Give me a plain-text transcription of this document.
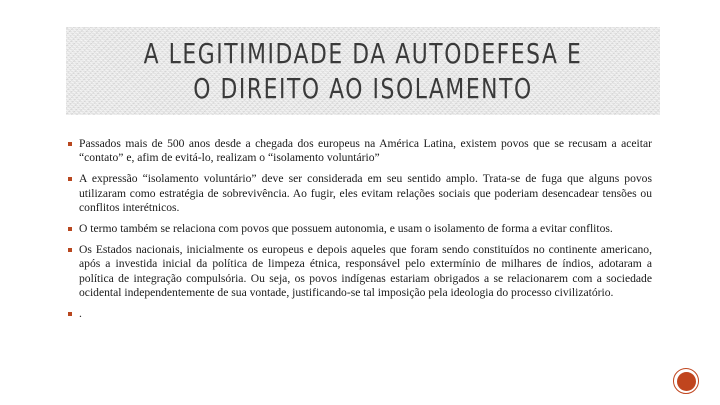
A LEGITIMIDADE DA AUTODEFESA E O DIREITO AO ISOLAMENTO
Passados mais de 500 anos desde a chegada dos europeus na América Latina, existem povos que se recusam a aceitar “contato” e, afim de evitá-lo, realizam o “isolamento voluntário”
A expressão “isolamento voluntário” deve ser considerada em seu sentido amplo. Trata-se de fuga que alguns povos utilizaram como estratégia de sobrevivência. Ao fugir, eles evitam relações sociais que poderiam desencadear tensões ou conflitos interétnicos.
O termo também se relaciona com povos que possuem autonomia, e usam o isolamento de forma a evitar conflitos.
Os Estados nacionais, inicialmente os europeus e depois aqueles que foram sendo constituídos no continente americano, após a investida inicial da política de limpeza étnica, responsável pelo extermínio de milhares de índios, adotaram a política de integração compulsória. Ou seja, os povos indígenas estariam obrigados a se relacionarem com a sociedade ocidental independentemente de sua vontade, justificando-se tal imposição pela ideologia do processo civilizatório.
.
